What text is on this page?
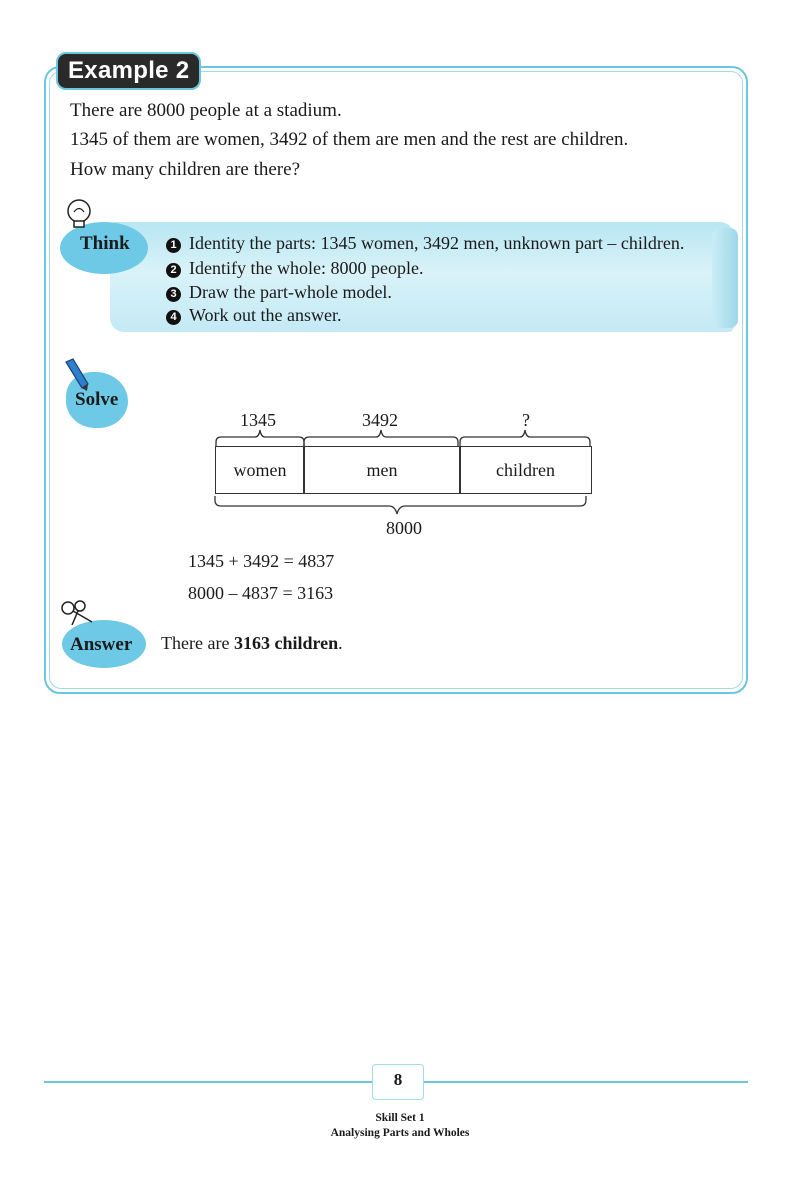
Example 2
There are 8000 people at a stadium.
1345 of them are women, 3492 of them are men and the rest are children.
How many children are there?
Think	1 Identity the parts: 1345 women, 3492 men, unknown part – children.
2 Identify the whole: 8000 people.
3 Draw the part-whole model.
4 Work out the answer.
Solve
1345	3492	?
women	men	children
8000
1345 + 3492 = 4837
8000 – 4837 = 3163
Answer There are 3163 children.
8
Skill Set 1
Analysing Parts and Wholes
